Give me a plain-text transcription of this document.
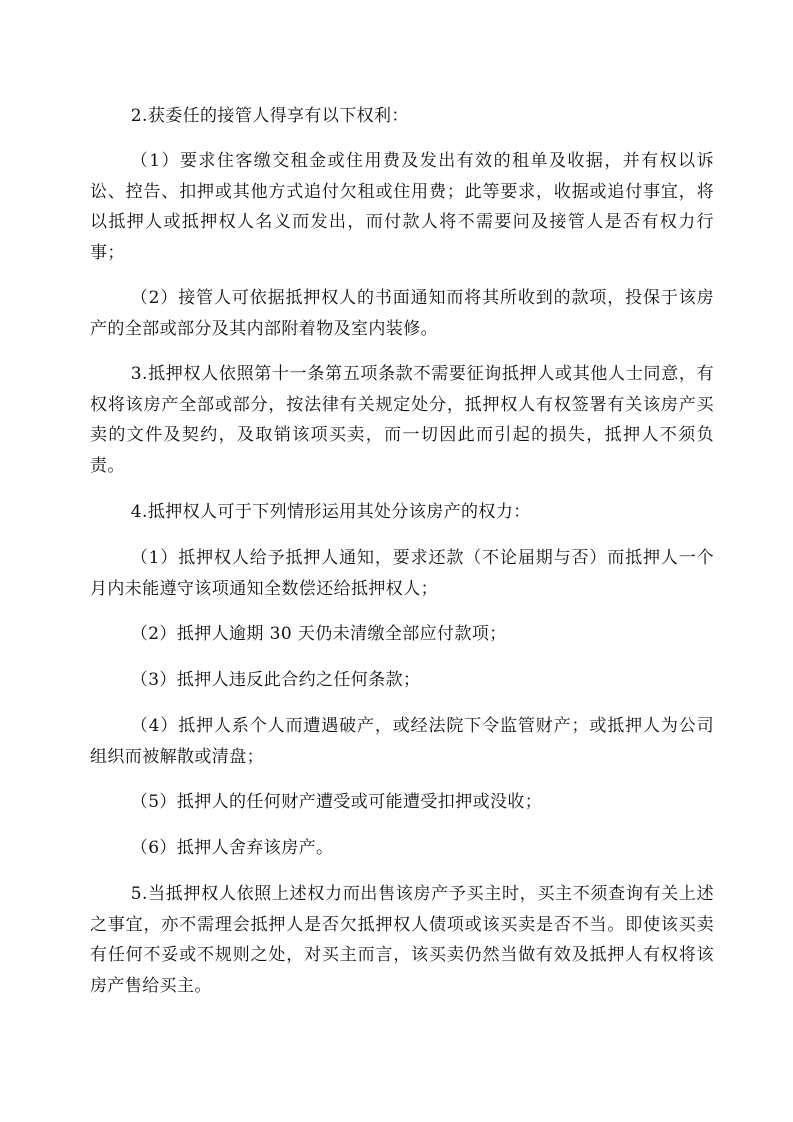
2.获委任的接管人得享有以下权利：

（1）要求住客缴交租金或住用费及发出有效的租单及收据，并有权以诉讼、控告、扣押或其他方式追付欠租或住用费；此等要求，收据或追付事宜，将以抵押人或抵押权人名义而发出，而付款人将不需要问及接管人是否有权力行事；

（2）接管人可依据抵押权人的书面通知而将其所收到的款项，投保于该房产的全部或部分及其内部附着物及室内装修。

3.抵押权人依照第十一条第五项条款不需要征询抵押人或其他人士同意，有权将该房产全部或部分，按法律有关规定处分，抵押权人有权签署有关该房产买卖的文件及契约，及取销该项买卖，而一切因此而引起的损失，抵押人不须负责。

4.抵押权人可于下列情形运用其处分该房产的权力：

（1）抵押权人给予抵押人通知，要求还款（不论届期与否）而抵押人一个月内未能遵守该项通知全数偿还给抵押权人；

（2）抵押人逾期 30 天仍未清缴全部应付款项；

（3）抵押人违反此合约之任何条款；

（4）抵押人系个人而遭遇破产，或经法院下令监管财产；或抵押人为公司组织而被解散或清盘；

（5）抵押人的任何财产遭受或可能遭受扣押或没收；

（6）抵押人舍弃该房产。

5.当抵押权人依照上述权力而出售该房产予买主时，买主不须查询有关上述之事宜，亦不需理会抵押人是否欠抵押权人债项或该买卖是否不当。即使该买卖有任何不妥或不规则之处，对买主而言，该买卖仍然当做有效及抵押人有权将该房产售给买主。
